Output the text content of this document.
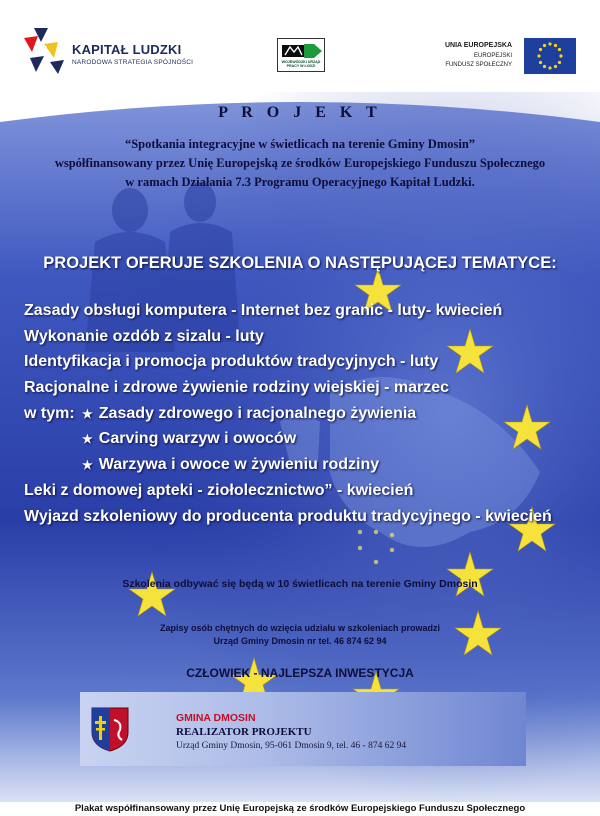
KAPITAŁ LUDZKI
NARODOWA STRATEGIA SPÓJNOŚCI	WOJEWÓDZKI URZĄD PRACY W ŁODZI
UNIA EUROPEJSKA
EUROPEJSKI
FUNDUSZ SPOŁECZNY
P R O J E K T
“Spotkania integracyjne w świetlicach na terenie Gminy Dmosin”
współfinansowany przez Unię Europejską ze środków Europejskiego Funduszu Społecznego
w ramach Działania 7.3 Programu Operacyjnego Kapitał Ludzki.
PROJEKT OFERUJE SZKOLENIA O NASTĘPUJĄCEJ TEMATYCE:
Zasady obsługi komputera - Internet bez granic - luty- kwiecień
Wykonanie ozdób z sizalu - luty
Identyfikacja i promocja produktów tradycyjnych - luty
Racjonalne i zdrowe żywienie rodziny wiejskiej - marzec
w tym: ★ Zasady zdrowego i racjonalnego żywienia
★ Carving warzyw i owoców
★ Warzywa i owoce w żywieniu rodziny
Leki z domowej apteki - ziołolecznictwo” - kwiecień
Wyjazd szkoleniowy do producenta produktu tradycyjnego - kwiecień
Szkolenia odbywać się będą w 10 świetlicach na terenie Gminy Dmosin
Zapisy osób chętnych do wzięcia udziału w szkoleniach prowadzi
Urząd Gminy Dmosin nr tel. 46 874 62 94
CZŁOWIEK - NAJLEPSZA INWESTYCJA
GMINA DMOSIN
REALIZATOR PROJEKTU
Urząd Gminy Dmosin, 95-061 Dmosin 9, tel. 46 - 874 62 94
Plakat współfinansowany przez Unię Europejską ze środków Europejskiego Funduszu Społecznego
